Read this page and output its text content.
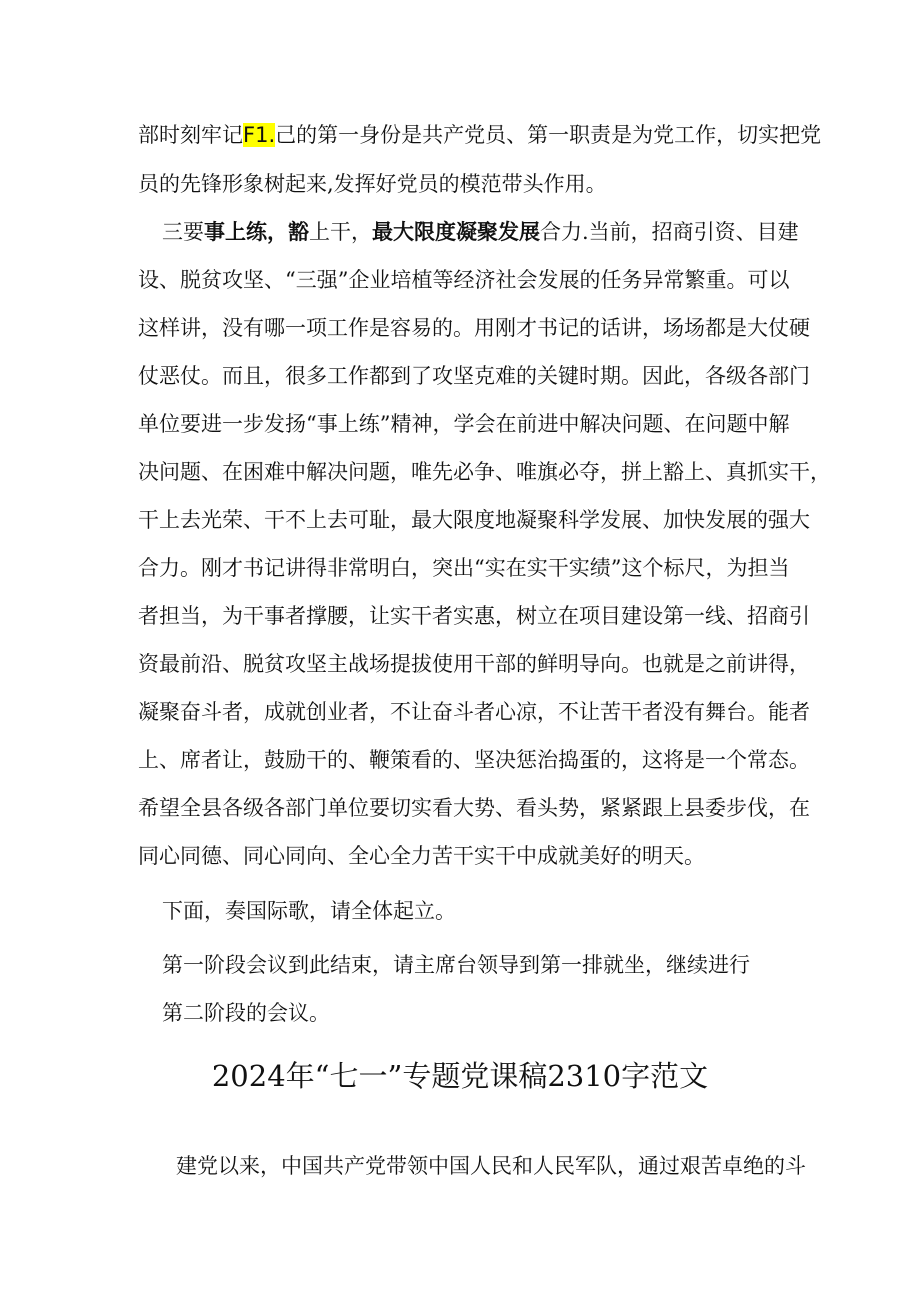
部时刻牢记F1.己的第一身份是共产党员、第一职责是为党工作，切实把党
员的先锋形象树起来,发挥好党员的模范带头作用。
三要事上练，豁上干，最大限度凝聚发展合力.当前，招商引资、目建
设、脱贫攻坚、“三强”企业培植等经济社会发展的任务异常繁重。可以
这样讲，没有哪一项工作是容易的。用刚才书记的话讲，场场都是大仗硬
仗恶仗。而且，很多工作都到了攻坚克难的关键时期。因此，各级各部门
单位要进一步发扬“事上练”精神，学会在前进中解决问题、在问题中解
决问题、在困难中解决问题，唯先必争、唯旗必夺，拼上豁上、真抓实干，
干上去光荣、干不上去可耻，最大限度地凝聚科学发展、加快发展的强大
合力。刚才书记讲得非常明白，突出“实在实干实绩”这个标尺，为担当
者担当，为干事者撑腰，让实干者实惠，树立在项目建设第一线、招商引
资最前沿、脱贫攻坚主战场提拔使用干部的鲜明导向。也就是之前讲得，
凝聚奋斗者，成就创业者，不让奋斗者心凉，不让苦干者没有舞台。能者
上、席者让，鼓励干的、鞭策看的、坚决惩治捣蛋的，这将是一个常态。
希望全县各级各部门单位要切实看大势、看头势，紧紧跟上县委步伐，在
同心同德、同心同向、全心全力苦干实干中成就美好的明天。
下面，奏国际歌，请全体起立。
第一阶段会议到此结束，请主席台领导到第一排就坐，继续进行
第二阶段的会议。
2024年“七一”专题党课稿2310字范文
建党以来，中国共产党带领中国人民和人民军队，通过艰苦卓绝的斗
